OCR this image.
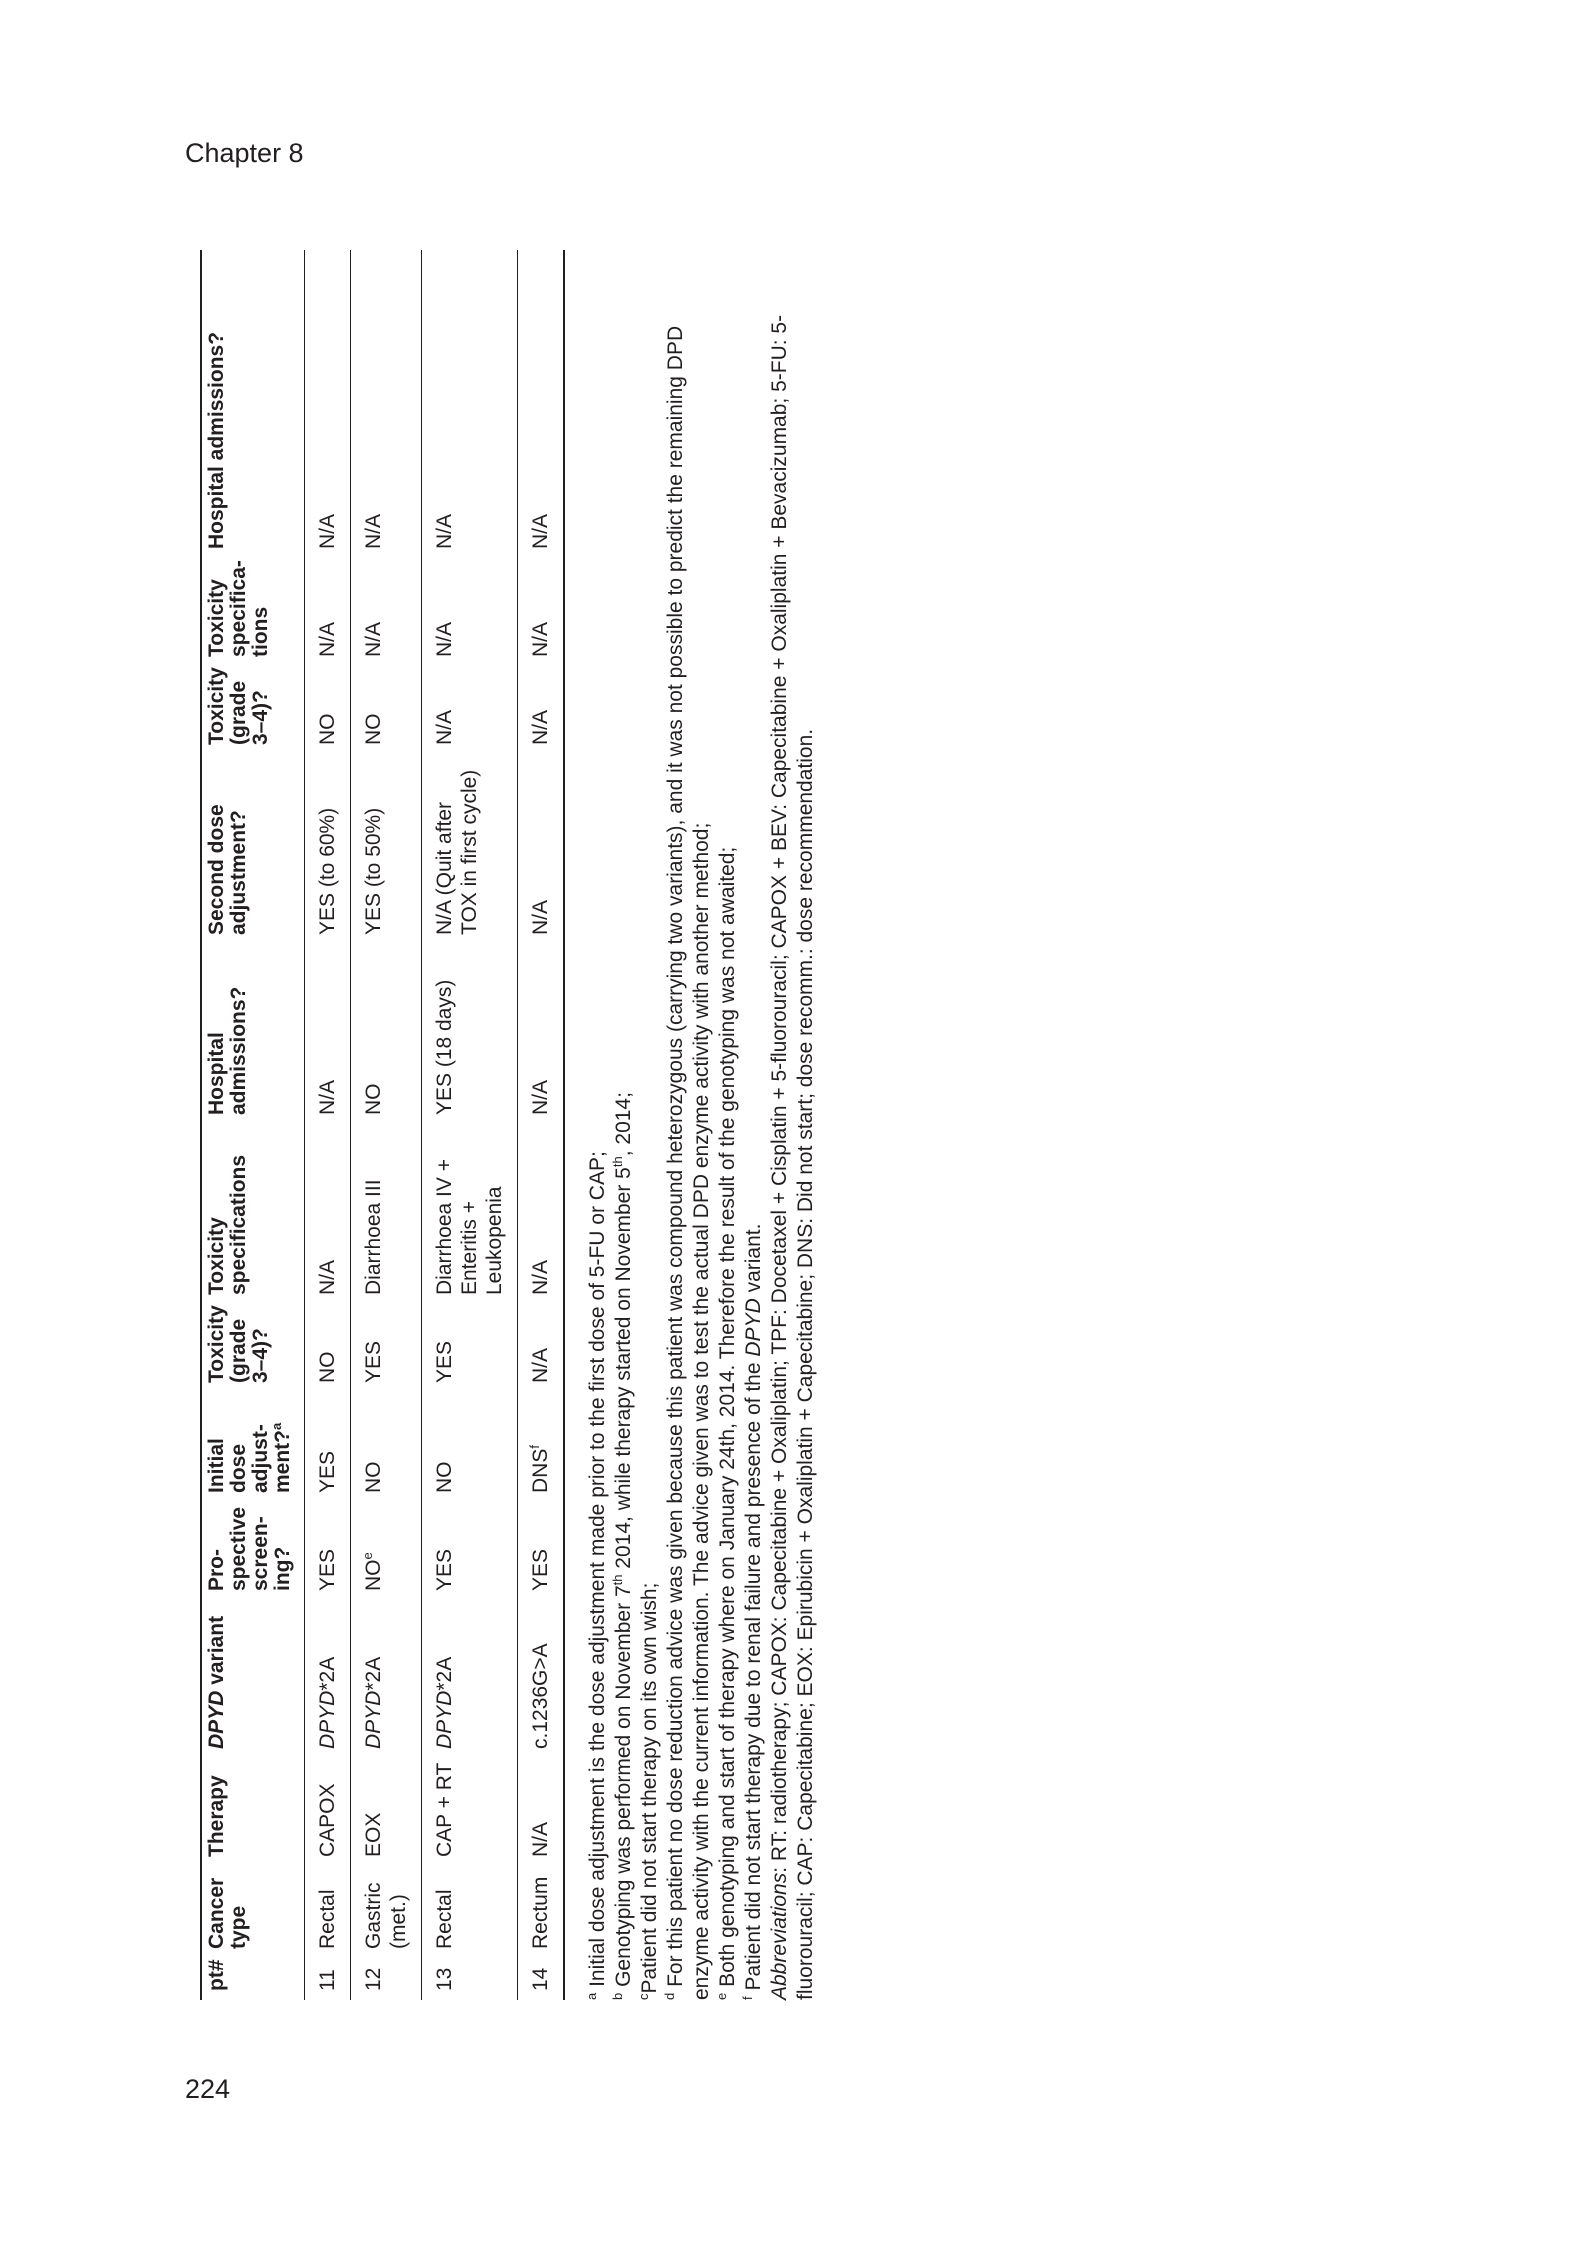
Chapter 8
pt#	Cancer type	Therapy	DPYD variant	Pro-spective screen-ing?	Initial dose adjust-ment?$^a$	Toxicity (grade 3–4)?	Toxicity specifications	Hospital admissions?	Second dose adjustment?	Toxicity (grade 3–4)?	Toxicity specifica-tions	Hospital admissions?
11	Rectal	CAPOX	DPYD*2A	YES	YES	NO	N/A	N/A	YES (to 60%)	NO	N/A	N/A
12	Gastric (met.)	EOX	DPYD*2A	$NO^e$	NO	YES	Diarrhoea III	NO	YES (to 50%)	NO	N/A	N/A
13	Rectal	CAP + RT	DPYD*2A	YES	NO	YES	Diarrhoea IV + Enteritis + Leukopenia	YES (18 days)	N/A (Quit after TOX in first cycle)	N/A	N/A	N/A
14	Rectum	N/A	c.1236G>A	YES	DNS$^f$	N/A	N/A	N/A	N/A	N/A	N/A	N/A
$^a$ Initial dose adjustment is the dose adjustment made prior to the first dose of 5-FU or CAP;
$^b$ Genotyping was performed on November 7th 2014, while therapy started on November 5th, 2014;
$^c$Patient did not start therapy on its own wish;
$^d$ For this patient no dose reduction advice was given because this patient was compound heterozygous (carrying two variants), and it was not possible to predict the remaining DPD enzyme activity with the current information. The advice given was to test the actual DPD enzyme activity with another method; $^e$ Both genotyping and start of therapy where on January 24th, 2014. Therefore the result of the genotyping was not awaited;
$^f$ Patient did not start therapy due to renal failure and presence of the DPYD variant.
Abbreviations: RT: radiotherapy; CAPOX: Capecitabine + Oxaliplatin; TPF: Docetaxel + Cisplatin + 5-fluorouracil; CAPOX + BEV: Capecitabine + Oxaliplatin + Bevacizumab; 5-FU: 5-fluorouracil; CAP: Capecitabine; EOX: Epirubicin + Oxaliplatin + Capecitabine; DNS: Did not start; dose recomm.: dose recommendation.
224
